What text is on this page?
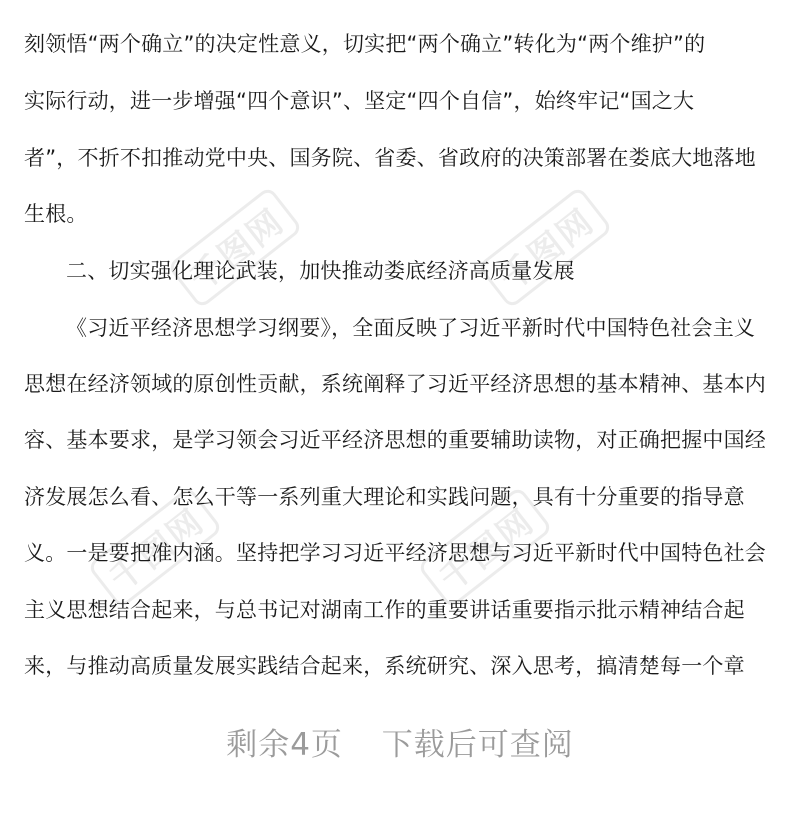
千图网	千图网
千图网	千图网
刻领悟“两个确立”的决定性意义，切实把“两个确立”转化为“两个维护”的
实际行动，进一步增强“四个意识”、坚定“四个自信”，始终牢记“国之大
者”，不折不扣推动党中央、国务院、省委、省政府的决策部署在娄底大地落地
生根。
二、切实强化理论武装，加快推动娄底经济高质量发展
《习近平经济思想学习纲要》，全面反映了习近平新时代中国特色社会主义
思想在经济领域的原创性贡献，系统阐释了习近平经济思想的基本精神、基本内
容、基本要求，是学习领会习近平经济思想的重要辅助读物，对正确把握中国经
济发展怎么看、怎么干等一系列重大理论和实践问题，具有十分重要的指导意
义。一是要把准内涵。坚持把学习习近平经济思想与习近平新时代中国特色社会
主义思想结合起来，与总书记对湖南工作的重要讲话重要指示批示精神结合起
来，与推动高质量发展实践结合起来，系统研究、深入思考，搞清楚每一个章
剩余4页 下载后可查阅
